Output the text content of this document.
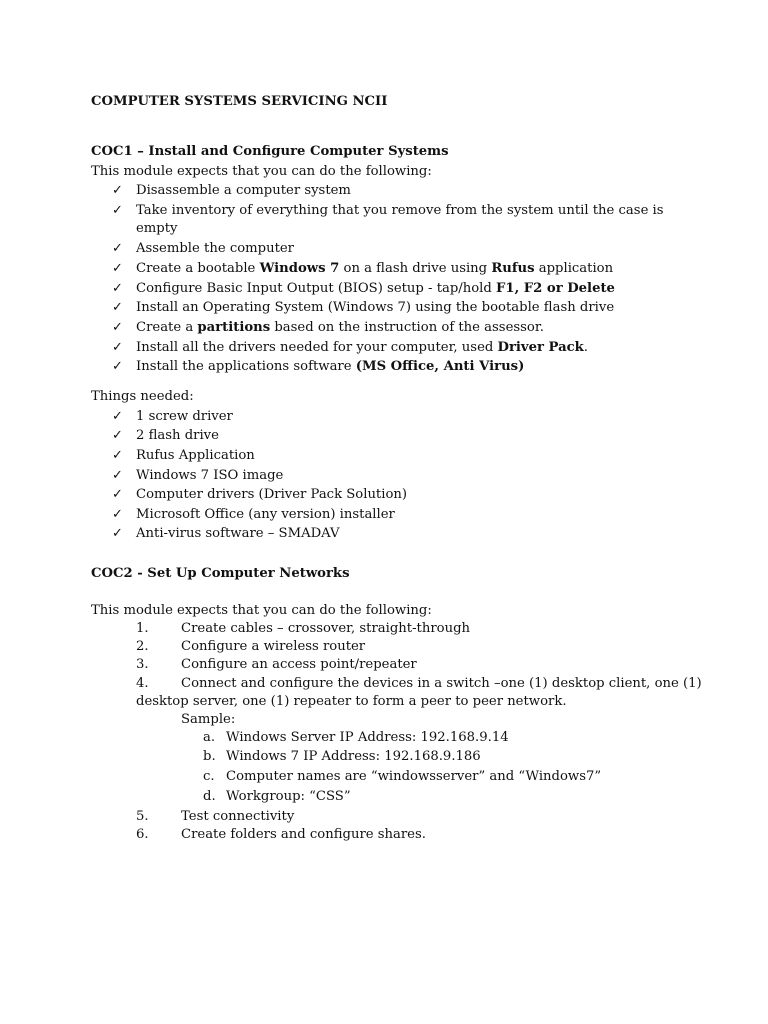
COMPUTER SYSTEMS SERVICING NCII
COC1 – Install and Configure Computer Systems
This module expects that you can do the following:
✓ Disassemble a computer system
✓ Take inventory of everything that you remove from the system until the case is
empty
✓ Assemble the computer
✓ Create a bootable Windows 7 on a flash drive using Rufus application
✓ Configure Basic Input Output (BIOS) setup - tap/hold F1, F2 or Delete
✓ Install an Operating System (Windows 7) using the bootable flash drive
✓ Create a partitions based on the instruction of the assessor.
✓ Install all the drivers needed for your computer, used Driver Pack.
✓ Install the applications software (MS Office, Anti Virus)
Things needed:
✓ 1 screw driver
✓ 2 flash drive
✓ Rufus Application
✓ Windows 7 ISO image
✓ Computer drivers (Driver Pack Solution)
✓ Microsoft Office (any version) installer
✓ Anti-virus software – SMADAV
COC2 - Set Up Computer Networks
This module expects that you can do the following:
1. Create cables – crossover, straight-through
2. Configure a wireless router
3. Configure an access point/repeater
4. Connect and configure the devices in a switch –one (1) desktop client, one (1)
desktop server, one (1) repeater to form a peer to peer network.
Sample:
a. Windows Server IP Address: 192.168.9.14
b. Windows 7 IP Address: 192.168.9.186
c. Computer names are “windowsserver” and “Windows7”
d. Workgroup: “CSS”
5. Test connectivity
6. Create folders and configure shares.
